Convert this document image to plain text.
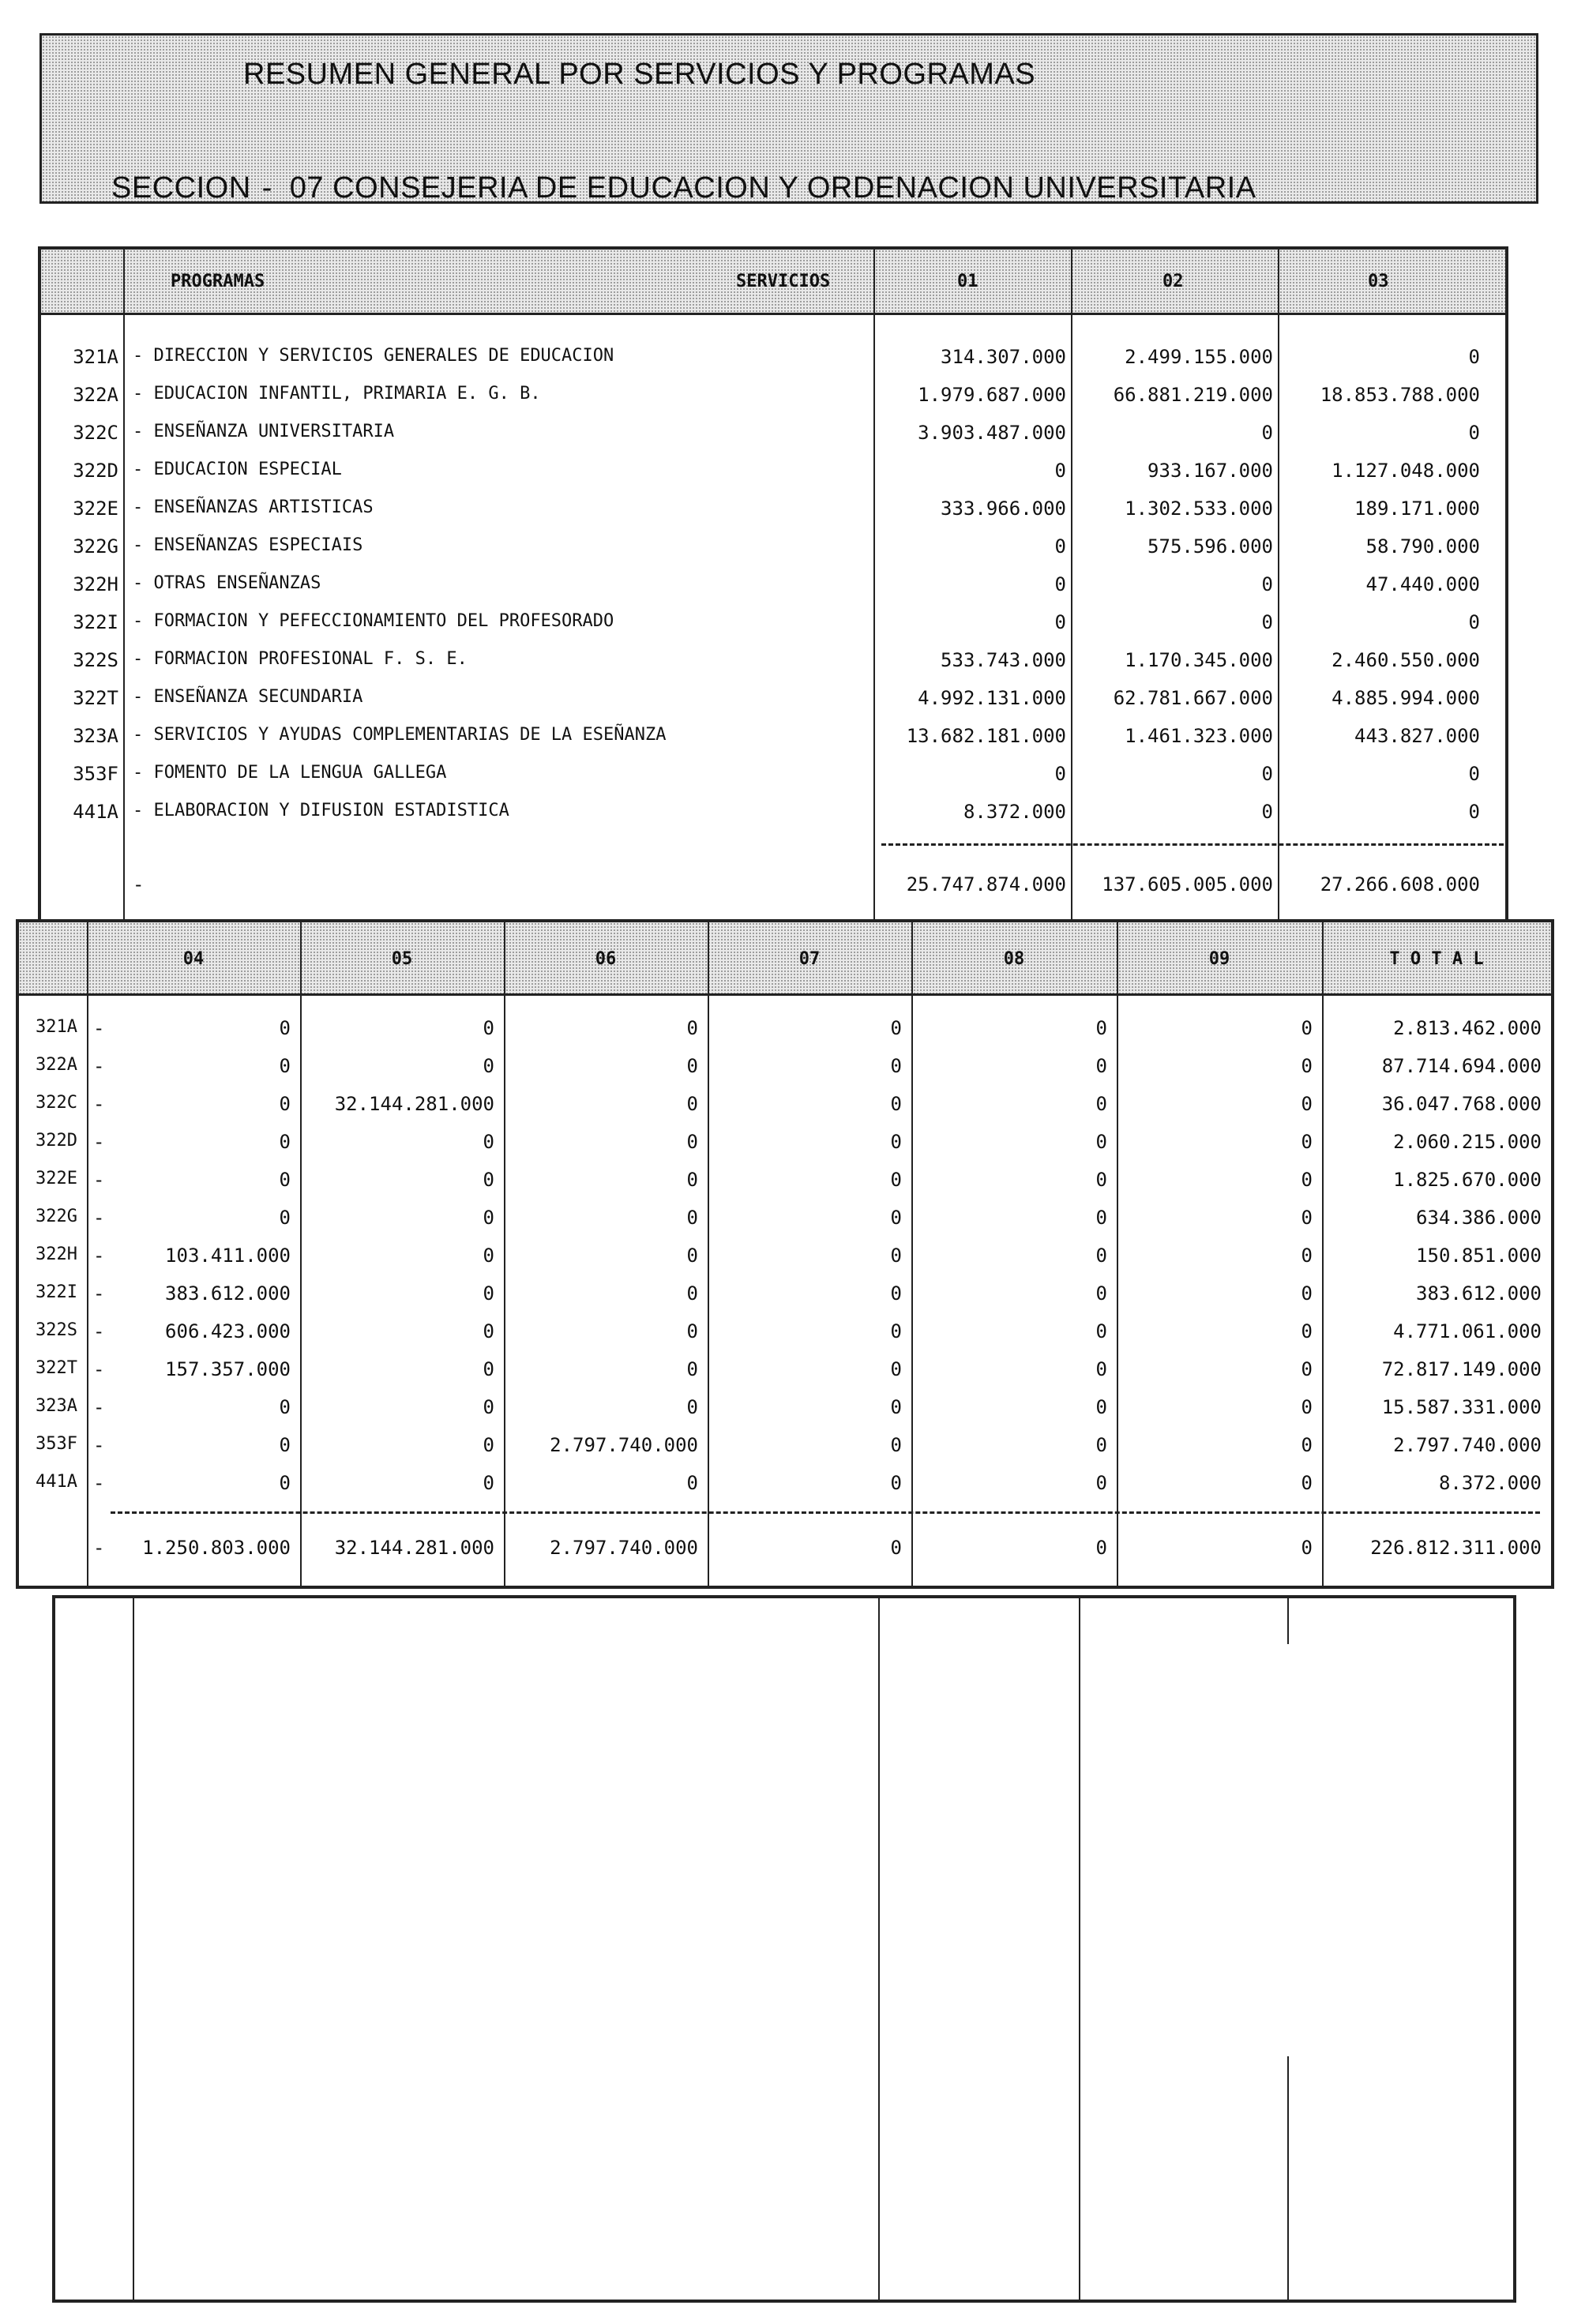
RESUMEN GENERAL POR SERVICIOS Y PROGRAMAS
SECCION - 07 CONSEJERIA DE EDUCACION Y ORDENACION UNIVERSITARIA
PROGRAMAS	SERVICIOS	01	02	03
321A - DIRECCION Y SERVICIOS GENERALES DE EDUCACION	314.307.000	2.499.155.000	0
322A - EDUCACION INFANTIL, PRIMARIA E. G. B.	1.979.687.000	66.881.219.000	18.853.788.000
322C - ENSEÑANZA UNIVERSITARIA	3.903.487.000	0	0
322D - EDUCACION ESPECIAL	0	933.167.000	1.127.048.000
322E - ENSEÑANZAS ARTISTICAS	333.966.000	1.302.533.000	189.171.000
322G - ENSEÑANZAS ESPECIAIS	0	575.596.000	58.790.000
322H - OTRAS ENSEÑANZAS	0	0	47.440.000
322I - FORMACION Y PEFECCIONAMIENTO DEL PROFESORADO	0	0	0
322S - FORMACION PROFESIONAL F. S. E.	533.743.000	1.170.345.000	2.460.550.000
322T - ENSEÑANZA SECUNDARIA	4.992.131.000	62.781.667.000	4.885.994.000
323A - SERVICIOS Y AYUDAS COMPLEMENTARIAS DE LA ESEÑANZA	13.682.181.000	1.461.323.000	443.827.000
353F - FOMENTO DE LA LENGUA GALLEGA	0	0	0
441A - ELABORACION Y DIFUSION ESTADISTICA	8.372.000	0	0
-	25.747.874.000	137.605.005.000	27.266.608.000
04	05	06	07	08	09	T O T A L
321A -	0	0	0	0	0	0	2.813.462.000
322A -	0	0	0	0	0	0	87.714.694.000
322C -	0	32.144.281.000	0	0	0	0	36.047.768.000
322D -	0	0	0	0	0	0	2.060.215.000
322E -	0	0	0	0	0	0	1.825.670.000
322G -	0	0	0	0	0	0	634.386.000
322H -	103.411.000	0	0	0	0	0	150.851.000
322I -	383.612.000	0	0	0	0	0	383.612.000
322S -	606.423.000	0	0	0	0	0	4.771.061.000
322T -	157.357.000	0	0	0	0	0	72.817.149.000
323A -	0	0	0	0	0	0	15.587.331.000
353F -	0	0	2.797.740.000	0	0	0	2.797.740.000
441A -	0	0	0	0	0	0	8.372.000
-	1.250.803.000	32.144.281.000	2.797.740.000	0	0	0	226.812.311.000
